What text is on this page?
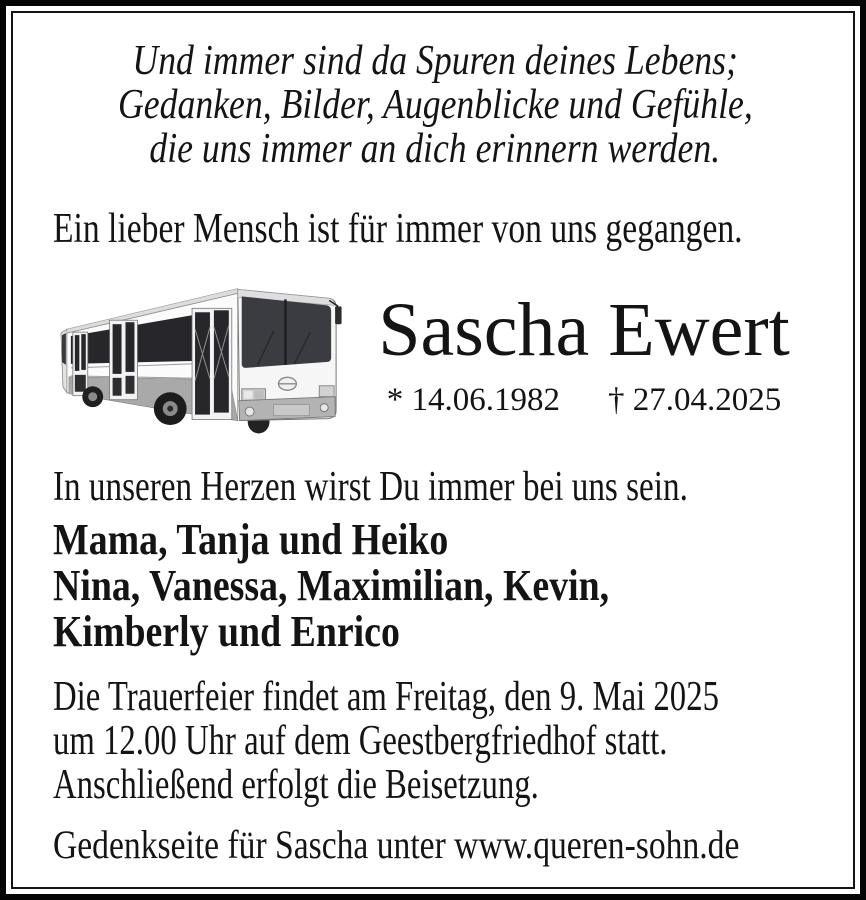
Und immer sind da Spuren deines Lebens;
Gedanken, Bilder, Augenblicke und Gefühle,
die uns immer an dich erinnern werden.
Ein lieber Mensch ist für immer von uns gegangen.
Sascha Ewert
* 14.06.1982 † 27.04.2025
In unseren Herzen wirst Du immer bei uns sein.
Mama, Tanja und Heiko
Nina, Vanessa, Maximilian, Kevin,
Kimberly und Enrico
Die Trauerfeier findet am Freitag, den 9. Mai 2025
um 12.00 Uhr auf dem Geestbergfriedhof statt.
Anschließend erfolgt die Beisetzung.
Gedenkseite für Sascha unter www.queren-sohn.de
